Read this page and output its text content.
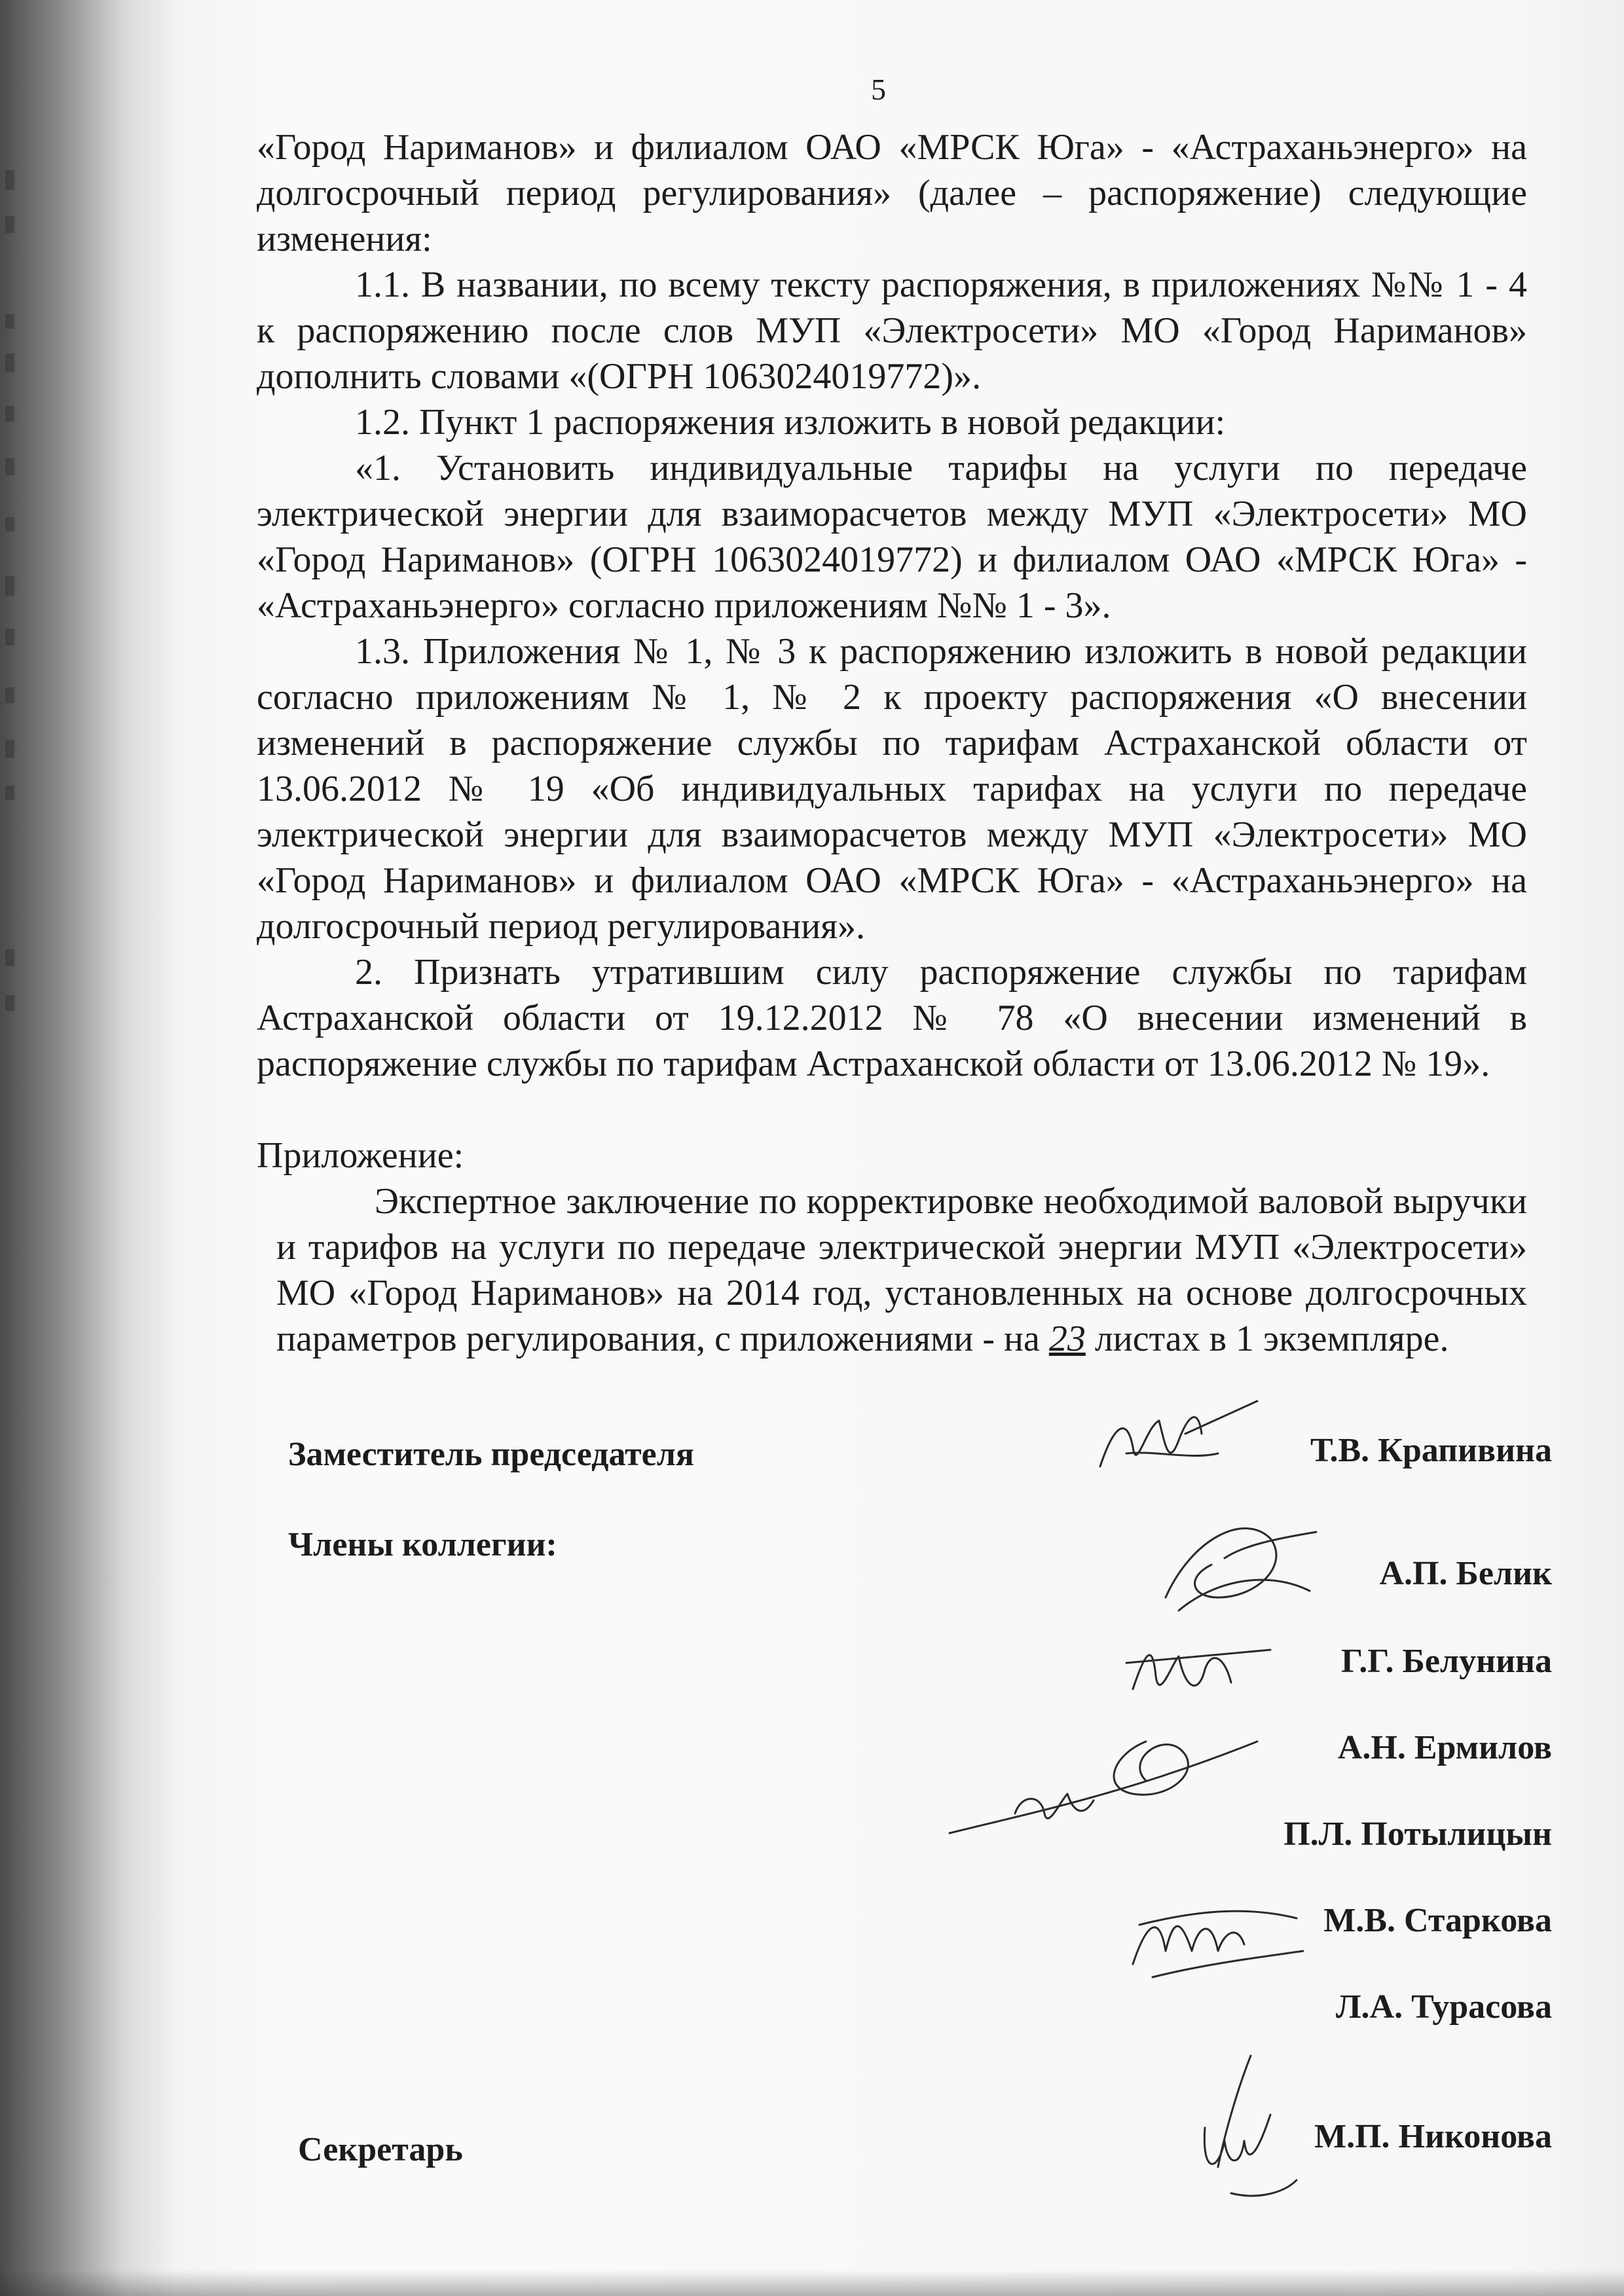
5

«Город Нариманов» и филиалом ОАО «МРСК Юга» - «Астраханьэнерго» на долгосрочный период регулирования» (далее – распоряжение) следующие изменения:

1.1. В названии, по всему тексту распоряжения, в приложениях №№ 1 - 4 к распоряжению после слов МУП «Электросети» МО «Город Нариманов» дополнить словами «(ОГРН 1063024019772)».

1.2. Пункт 1 распоряжения изложить в новой редакции:

«1. Установить индивидуальные тарифы на услуги по передаче электрической энергии для взаиморасчетов между МУП «Электросети» МО «Город Нариманов» (ОГРН 1063024019772) и филиалом ОАО «МРСК Юга» - «Астраханьэнерго» согласно приложениям №№ 1 - 3».

1.3. Приложения № 1, № 3 к распоряжению изложить в новой редакции согласно приложениям № 1, № 2 к проекту распоряжения «О внесении изменений в распоряжение службы по тарифам Астраханской области от 13.06.2012 № 19 «Об индивидуальных тарифах на услуги по передаче электрической энергии для взаиморасчетов между МУП «Электросети» МО «Город Нариманов» и филиалом ОАО «МРСК Юга» - «Астраханьэнерго» на долгосрочный период регулирования».

2. Признать утратившим силу распоряжение службы по тарифам Астраханской области от 19.12.2012 № 78 «О внесении изменений в распоряжение службы по тарифам Астраханской области от 13.06.2012 № 19».

Приложение:

Экспертное заключение по корректировке необходимой валовой выручки и тарифов на услуги по передаче электрической энергии МУП «Электросети» МО «Город Нариманов» на 2014 год, установленных на основе долгосрочных параметров регулирования, с приложениями - на 23 листах в 1 экземпляре.

Заместитель председателя	Т.В. Крапивина
Члены коллегии:
А.П. Белик
Г.Г. Белунина
А.Н. Ермилов
П.Л. Потылицын
М.В. Старкова
Л.А. Турасова
Секретарь	М.П. Никонова
